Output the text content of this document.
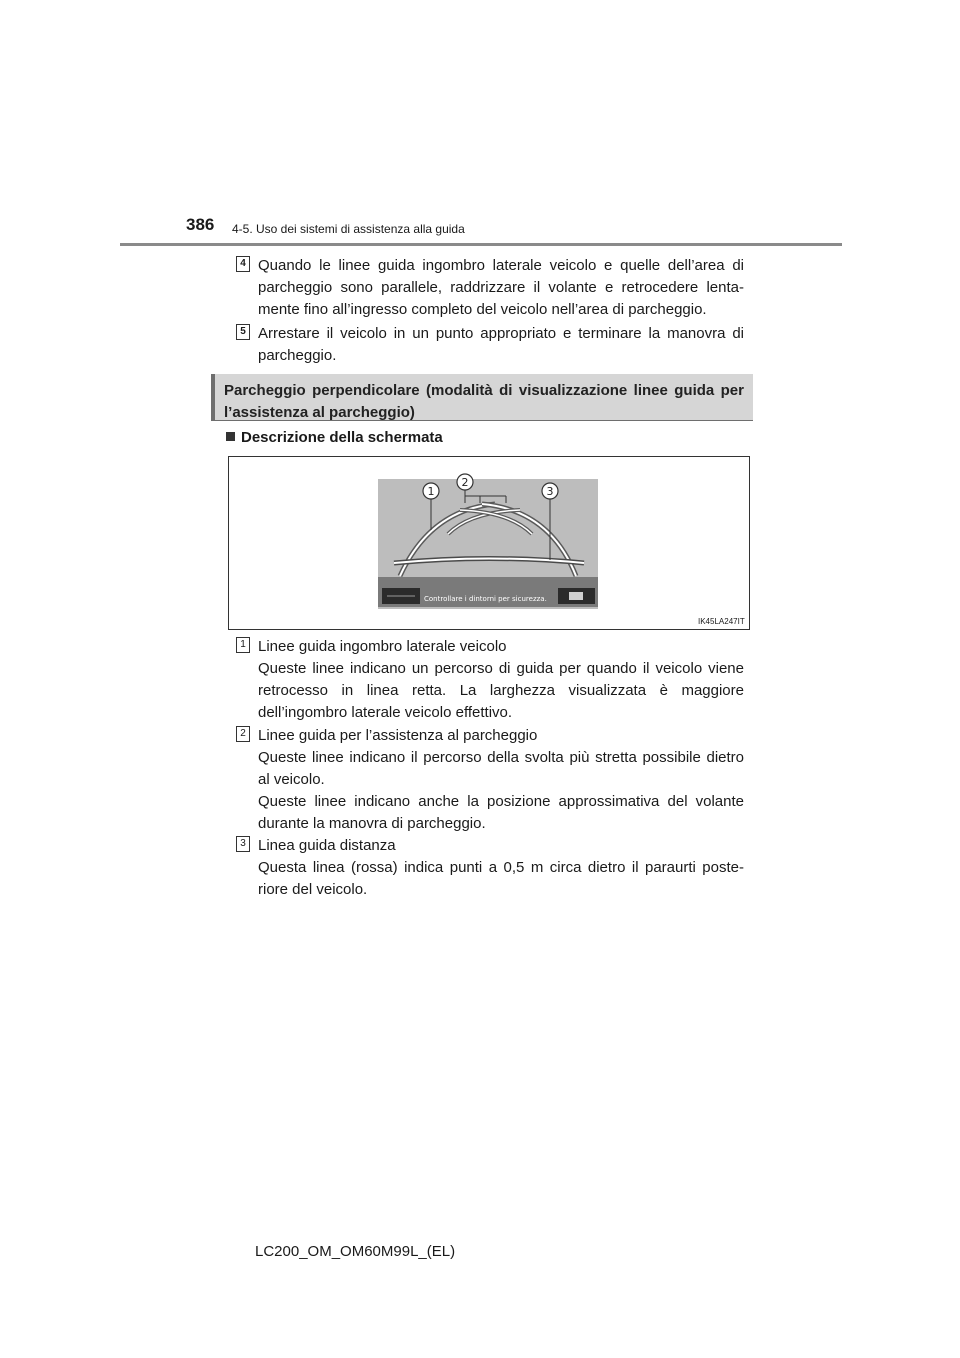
386 4-5. Uso dei sistemi di assistenza alla guida
4 Quando le linee guida ingombro laterale veicolo e quelle dell’area di parcheggio sono parallele, raddrizzare il volante e retrocedere lenta-mente fino all’ingresso completo del veicolo nell’area di parcheggio.
5 Arrestare il veicolo in un punto appropriato e terminare la manovra di parcheggio.
Parcheggio perpendicolare (modalità di visualizzazione linee guida per l’assistenza al parcheggio)
Descrizione della schermata
Controllare i dintorni per sicurezza.
1
2
3
IK45LA247IT
1 Linee guida ingombro laterale veicolo
Queste linee indicano un percorso di guida per quando il veicolo viene retrocesso in linea retta. La larghezza visualizzata è maggiore dell’ingombro laterale veicolo effettivo.
2 Linee guida per l’assistenza al parcheggio
Queste linee indicano il percorso della svolta più stretta possibile dietro al veicolo.
Queste linee indicano anche la posizione approssimativa del volante durante la manovra di parcheggio.
3 Linea guida distanza
Questa linea (rossa) indica punti a 0,5 m circa dietro il paraurti poste-riore del veicolo.
LC200_OM_OM60M99L_(EL)
